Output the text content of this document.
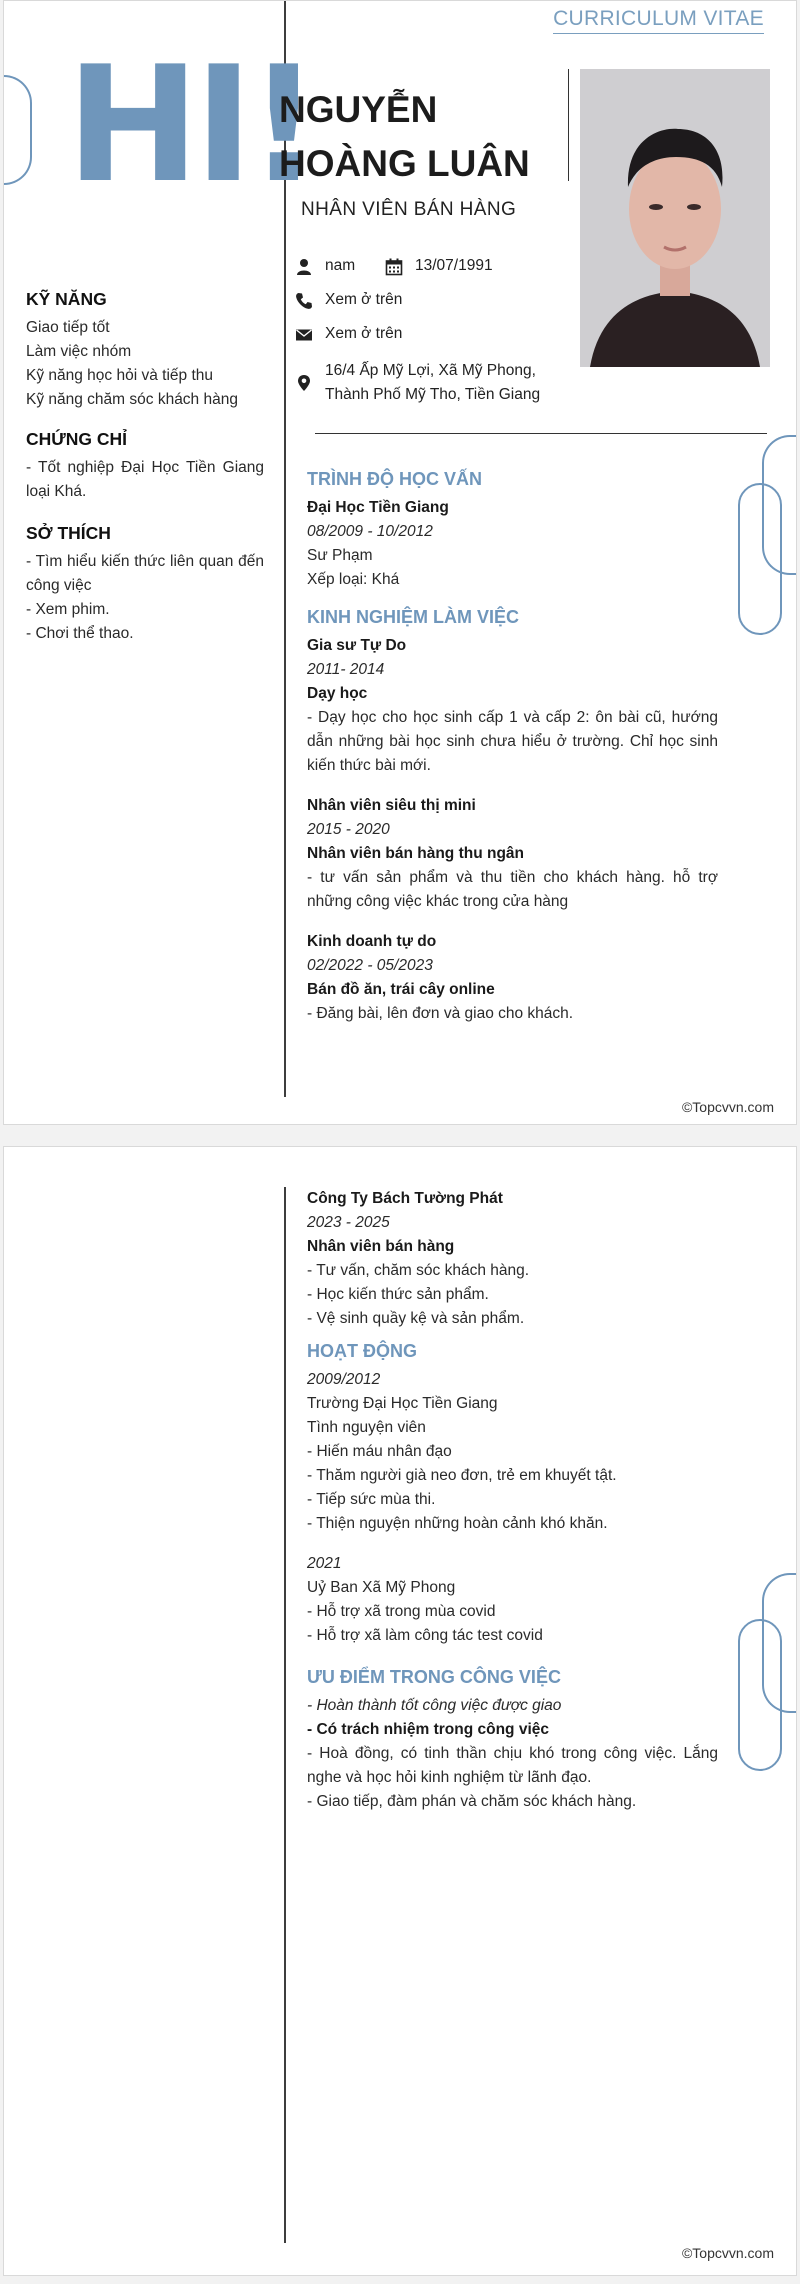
CURRICULUM VITAE
HI!
NGUYỄN
HOÀNG LUÂN
NHÂN VIÊN BÁN HÀNG
nam	13/07/1991
Xem ở trên
Xem ở trên
16/4 Ấp Mỹ Lợi, Xã Mỹ Phong, Thành Phố Mỹ Tho, Tiền Giang
KỸ NĂNG

Giao tiếp tốt

Làm việc nhóm

Kỹ năng học hỏi và tiếp thu

Kỹ năng chăm sóc khách hàng

CHỨNG CHỈ

- Tốt nghiệp Đại Học Tiền Giang loại Khá.

SỞ THÍCH

- Tìm hiểu kiến thức liên quan đến công việc

- Xem phim.

- Chơi thể thao.

TRÌNH ĐỘ HỌC VẤN

Đại Học Tiền Giang

08/2009 - 10/2012

Sư Phạm

Xếp loại: Khá

KINH NGHIỆM LÀM VIỆC

Gia sư Tự Do

2011- 2014

Dạy học

- Dạy học cho học sinh cấp 1 và cấp 2: ôn bài cũ, hướng dẫn những bài học sinh chưa hiểu ở trường. Chỉ học sinh kiến thức bài mới.

Nhân viên siêu thị mini

2015 - 2020

Nhân viên bán hàng thu ngân

- tư vấn sản phẩm và thu tiền cho khách hàng. hỗ trợ những công việc khác trong cửa hàng

Kinh doanh tự do

02/2022 - 05/2023

Bán đồ ăn, trái cây online

- Đăng bài, lên đơn và giao cho khách.

©Topcvvn.com

Công Ty Bách Tường Phát

2023 - 2025

Nhân viên bán hàng

- Tư vấn, chăm sóc khách hàng.

- Học kiến thức sản phẩm.

- Vệ sinh quầy kệ và sản phẩm.

HOẠT ĐỘNG

2009/2012

Trường Đại Học Tiền Giang

Tình nguyện viên

- Hiến máu nhân đạo

- Thăm người già neo đơn, trẻ em khuyết tật.

- Tiếp sức mùa thi.

- Thiện nguyện những hoàn cảnh khó khăn.

2021

Uỷ Ban Xã Mỹ Phong

- Hỗ trợ xã trong mùa covid

- Hỗ trợ xã làm công tác test covid

ƯU ĐIỂM TRONG CÔNG VIỆC

- Hoàn thành tốt công việc được giao

- Có trách nhiệm trong công việc

- Hoà đồng, có tinh thần chịu khó trong công việc. Lắng nghe và học hỏi kinh nghiệm từ lãnh đạo.

- Giao tiếp, đàm phán và chăm sóc khách hàng.

©Topcvvn.com
